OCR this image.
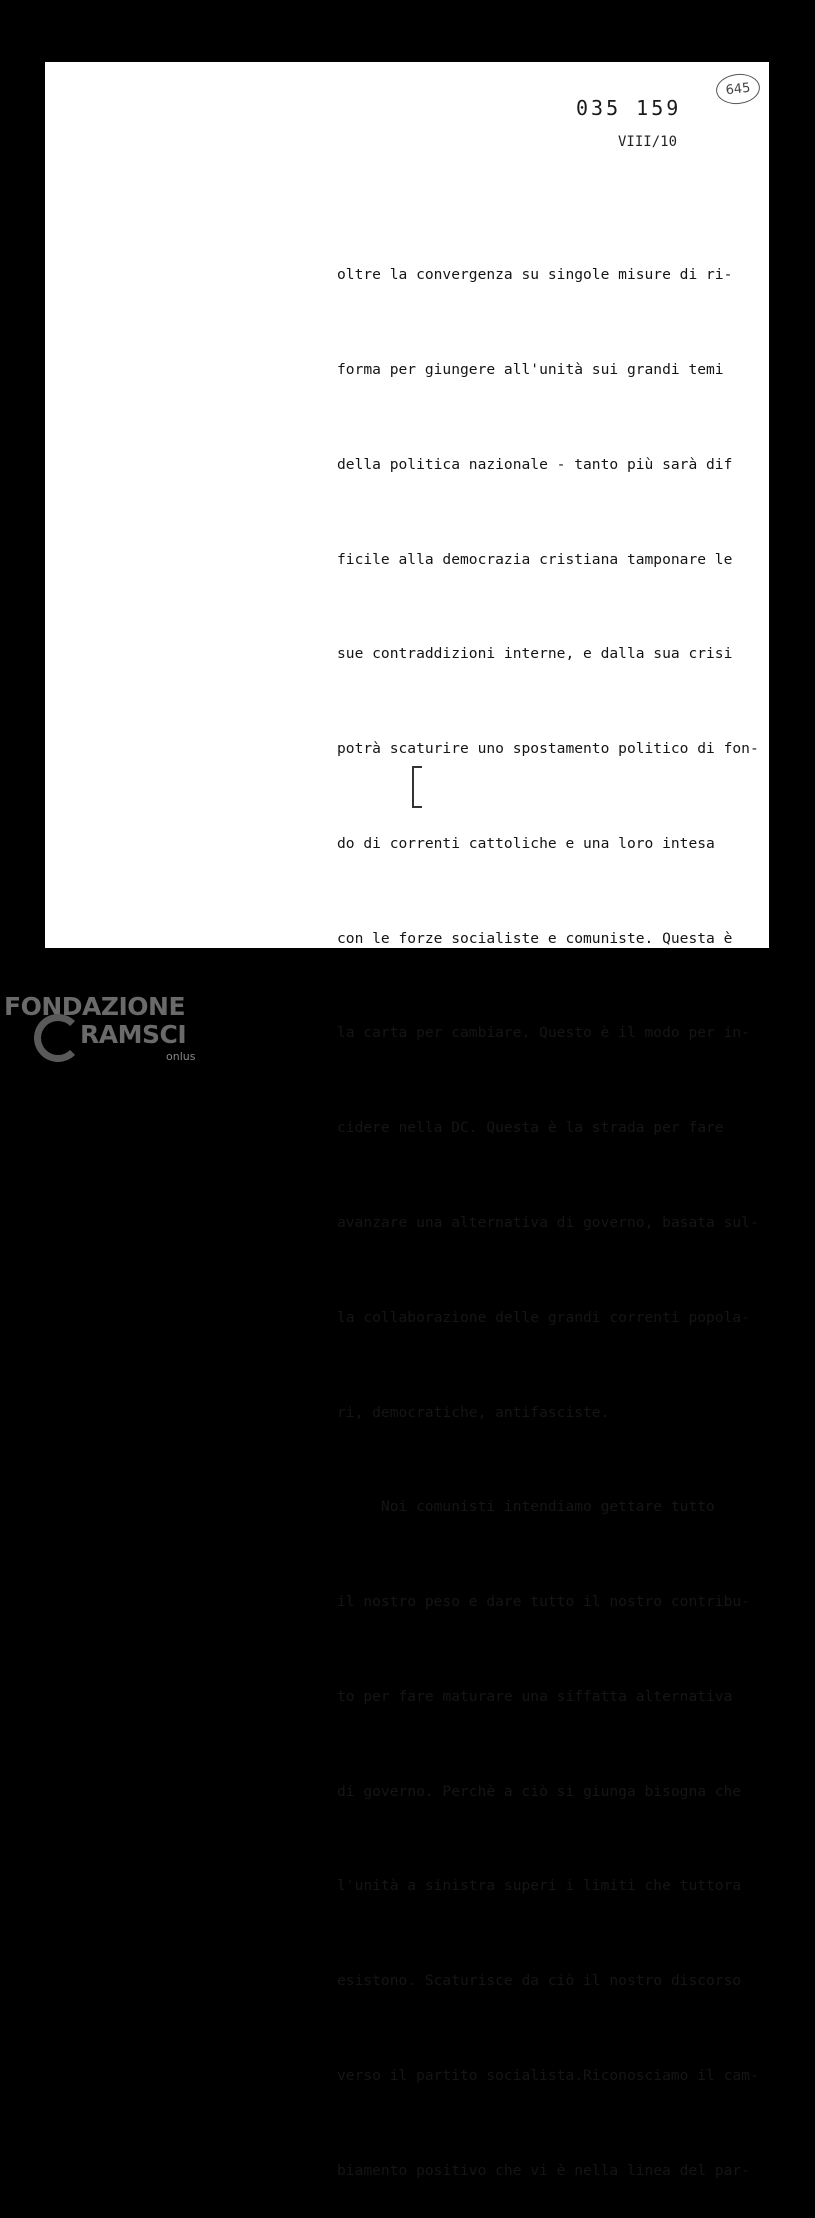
035 159
645
VIII/10

oltre la convergenza su singole misure di ri-

forma per giungere all'unità sui grandi temi

della politica nazionale - tanto più sarà dif

ficile alla democrazia cristiana tamponare le

sue contraddizioni interne, e dalla sua crisi

potrà scaturire uno spostamento politico di fon-

do di correnti cattoliche e una loro intesa

con le forze socialiste e comuniste. Questa è

la carta per cambiare. Questo è il modo per in-

cidere nella DC. Questa è la strada per fare

avanzare una alternativa di governo, basata sul-

la collaborazione delle grandi correnti popola-

ri, democratiche, antifasciste.

Noi comunisti intendiamo gettare tutto

il nostro peso e dare tutto il nostro contribu-

to per fare maturare una siffatta alternativa

di governo. Perchè a ciò si giunga bisogna che

l'unità a sinistra superi i limiti che tuttora

esistono. Scaturisce da ciò il nostro discorso

verso il partito socialista.Riconosciamo il cam-

biamento positivo che vi è nella linea del par-

FONDAZIONE
RAMSCI
onlus
